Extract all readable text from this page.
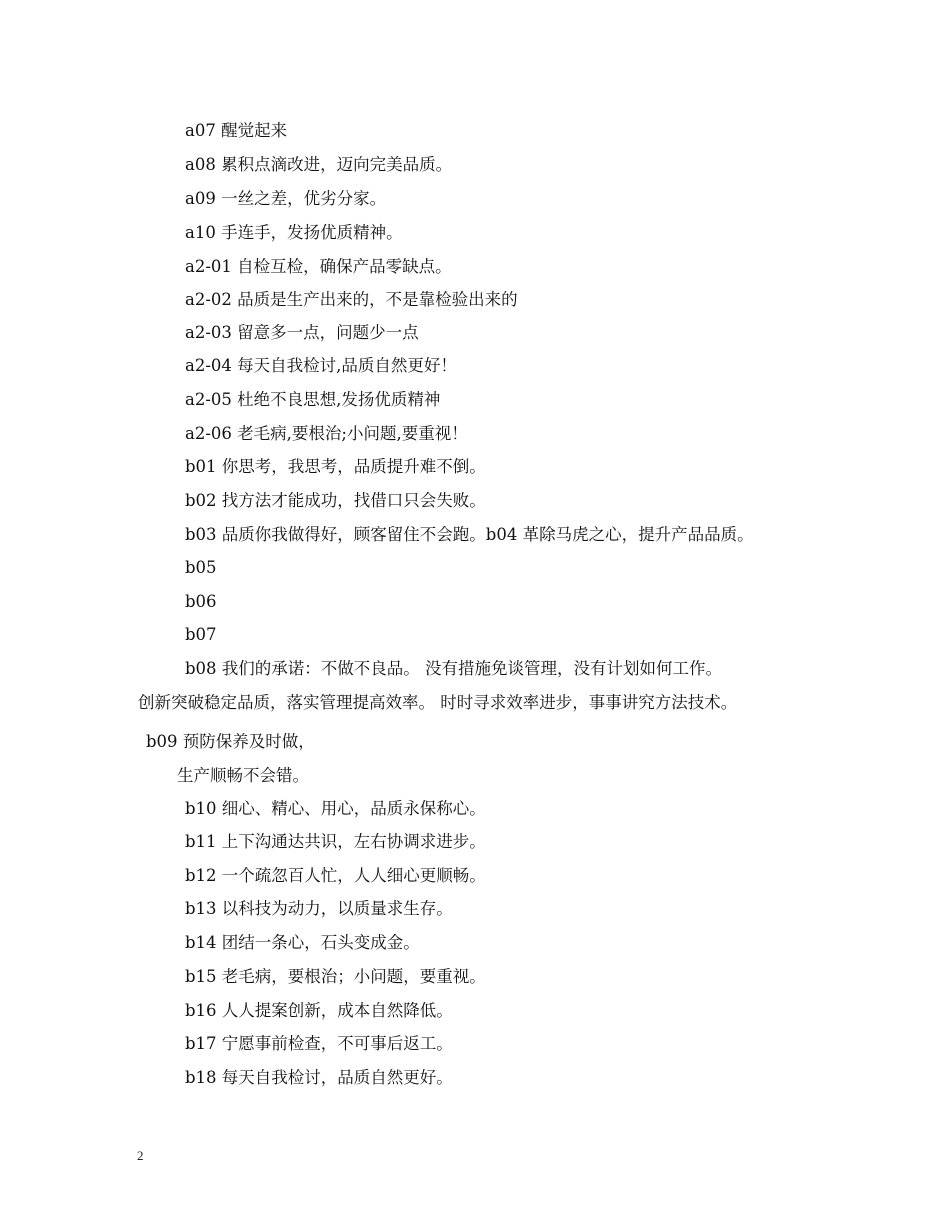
a07 醒觉起来
a08 累积点滴改进，迈向完美品质。
a09 一丝之差，优劣分家。
a10 手连手，发扬优质精神。
a2-01 自检互检，确保产品零缺点。
a2-02 品质是生产出来的，不是靠检验出来的
a2-03 留意多一点，问题少一点
a2-04 每天自我检讨,品质自然更好！
a2-05 杜绝不良思想,发扬优质精神
a2-06 老毛病,要根治;小问题,要重视！
b01 你思考，我思考，品质提升难不倒。
b02 找方法才能成功，找借口只会失败。
b03 品质你我做得好，顾客留住不会跑。b04 革除马虎之心，提升产品品质。
b05
b06
b07
b08 我们的承诺：不做不良品。 没有措施免谈管理，没有计划如何工作。
创新突破稳定品质，落实管理提高效率。 时时寻求效率进步，事事讲究方法技术。
b09 预防保养及时做，
生产顺畅不会错。
b10 细心、精心、用心，品质永保称心。
b11 上下沟通达共识，左右协调求进步。
b12 一个疏忽百人忙，人人细心更顺畅。
b13 以科技为动力，以质量求生存。
b14 团结一条心，石头变成金。
b15 老毛病，要根治；小问题，要重视。
b16 人人提案创新，成本自然降低。
b17 宁愿事前检查，不可事后返工。
b18 每天自我检讨，品质自然更好。
2
